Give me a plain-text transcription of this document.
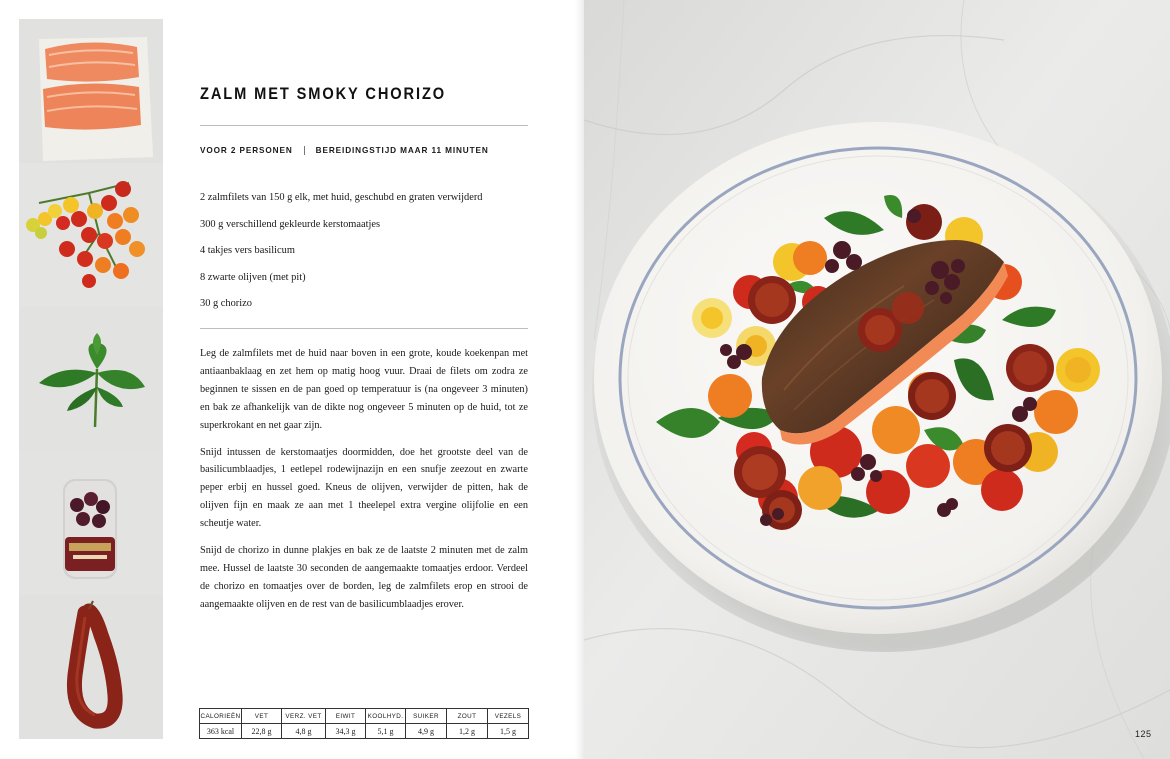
ZALM MET SMOKY CHORIZO
VOOR 2 PERSONEN	BEREIDINGSTIJD MAAR 11 MINUTEN
2 zalmfilets van 150 g elk, met huid, geschubd en graten verwijderd
300 g verschillend gekleurde kerstomaatjes
4 takjes vers basilicum
8 zwarte olijven (met pit)
30 g chorizo

Leg de zalmfilets met de huid naar boven in een grote, koude koekenpan met antiaanbaklaag en zet hem op matig hoog vuur. Draai de filets om zodra ze beginnen te sissen en de pan goed op temperatuur is (na ongeveer 3 minuten) en bak ze afhankelijk van de dikte nog ongeveer 5 minuten op de huid, tot ze superkrokant en net gaar zijn.

Snijd intussen de kerstomaatjes doormidden, doe het grootste deel van de basilicumblaadjes, 1 eetlepel rodewijnazijn en een snufje zeezout en zwarte peper erbij en hussel goed. Kneus de olijven, verwijder de pitten, hak de olijven fijn en maak ze aan met 1 theelepel extra vergine olijfolie en een scheutje water.

Snijd de chorizo in dunne plakjes en bak ze de laatste 2 minuten met de zalm mee. Hussel de laatste 30 seconden de aangemaakte tomaatjes erdoor. Verdeel de chorizo en tomaatjes over de borden, leg de zalmfilets erop en strooi de aangemaakte olijven en de rest van de basilicumblaadjes erover.

CALORIEËN	VET	VERZ. VET	EIWIT	KOOLHYD.	SUIKER	ZOUT	VEZELS
363 kcal	22,8 g	4,8 g	34,3 g	5,1 g	4,9 g	1,2 g	1,5 g	125
